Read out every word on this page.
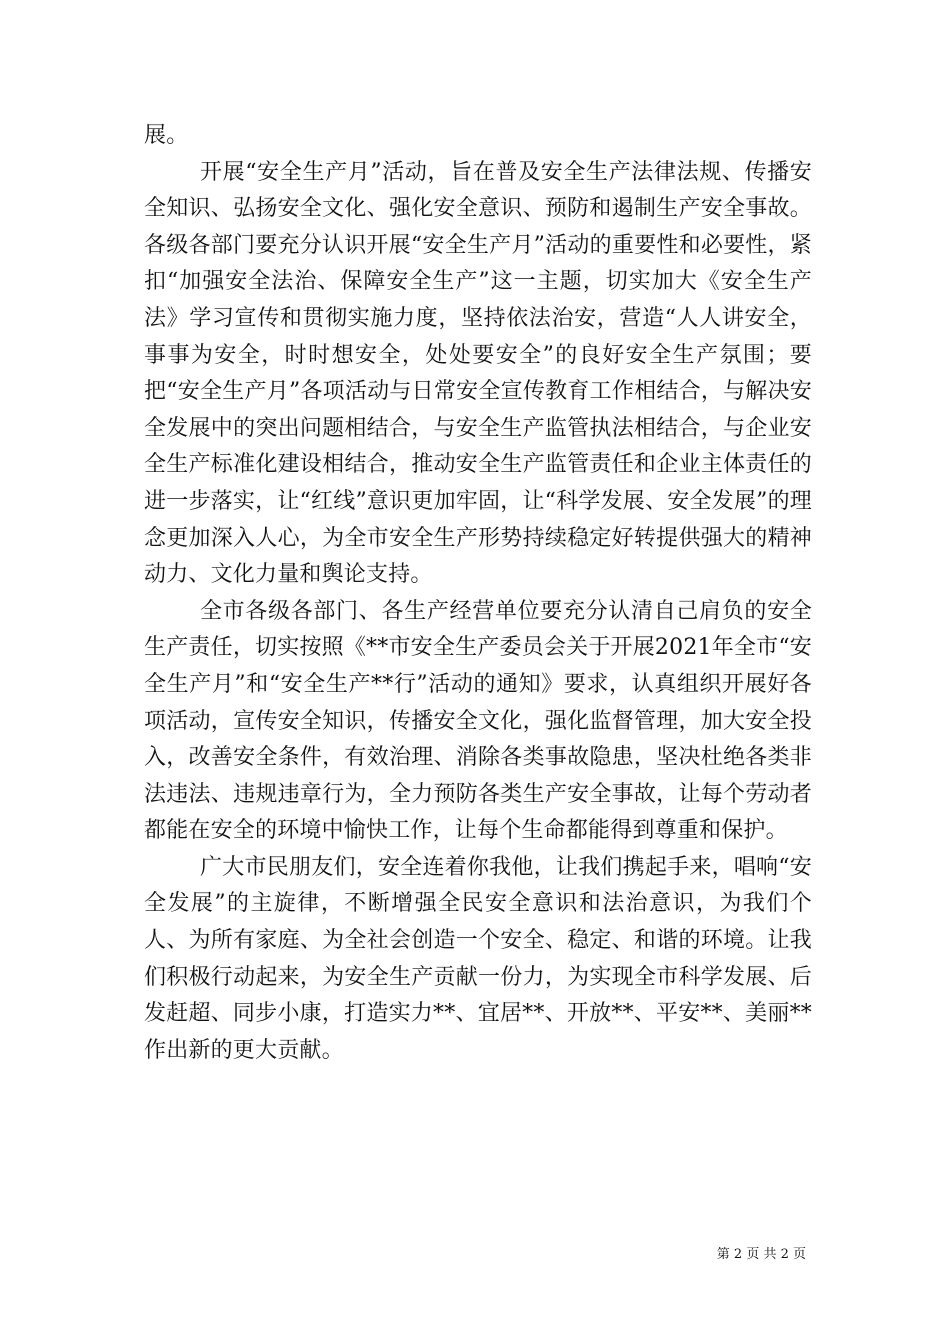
展。

开展“安全生产月”活动，旨在普及安全生产法律法规、传播安全知识、弘扬安全文化、强化安全意识、预防和遏制生产安全事故。各级各部门要充分认识开展“安全生产月”活动的重要性和必要性，紧扣“加强安全法治、保障安全生产”这一主题，切实加大《安全生产法》学习宣传和贯彻实施力度，坚持依法治安，营造“人人讲安全，事事为安全，时时想安全，处处要安全”的良好安全生产氛围；要把“安全生产月”各项活动与日常安全宣传教育工作相结合，与解决安全发展中的突出问题相结合，与安全生产监管执法相结合，与企业安全生产标准化建设相结合，推动安全生产监管责任和企业主体责任的进一步落实，让“红线”意识更加牢固，让“科学发展、安全发展”的理念更加深入人心，为全市安全生产形势持续稳定好转提供强大的精神动力、文化力量和舆论支持。

全市各级各部门、各生产经营单位要充分认清自己肩负的安全生产责任，切实按照《**市安全生产委员会关于开展2021年全市“安全生产月”和“安全生产**行”活动的通知》要求，认真组织开展好各项活动，宣传安全知识，传播安全文化，强化监督管理，加大安全投入，改善安全条件，有效治理、消除各类事故隐患，坚决杜绝各类非法违法、违规违章行为，全力预防各类生产安全事故，让每个劳动者都能在安全的环境中愉快工作，让每个生命都能得到尊重和保护。

广大市民朋友们，安全连着你我他，让我们携起手来，唱响“安全发展”的主旋律，不断增强全民安全意识和法治意识，为我们个人、为所有家庭、为全社会创造一个安全、稳定、和谐的环境。让我们积极行动起来，为安全生产贡献一份力，为实现全市科学发展、后发赶超、同步小康，打造实力**、宜居**、开放**、平安**、美丽**作出新的更大贡献。

第 2 页 共 2 页
